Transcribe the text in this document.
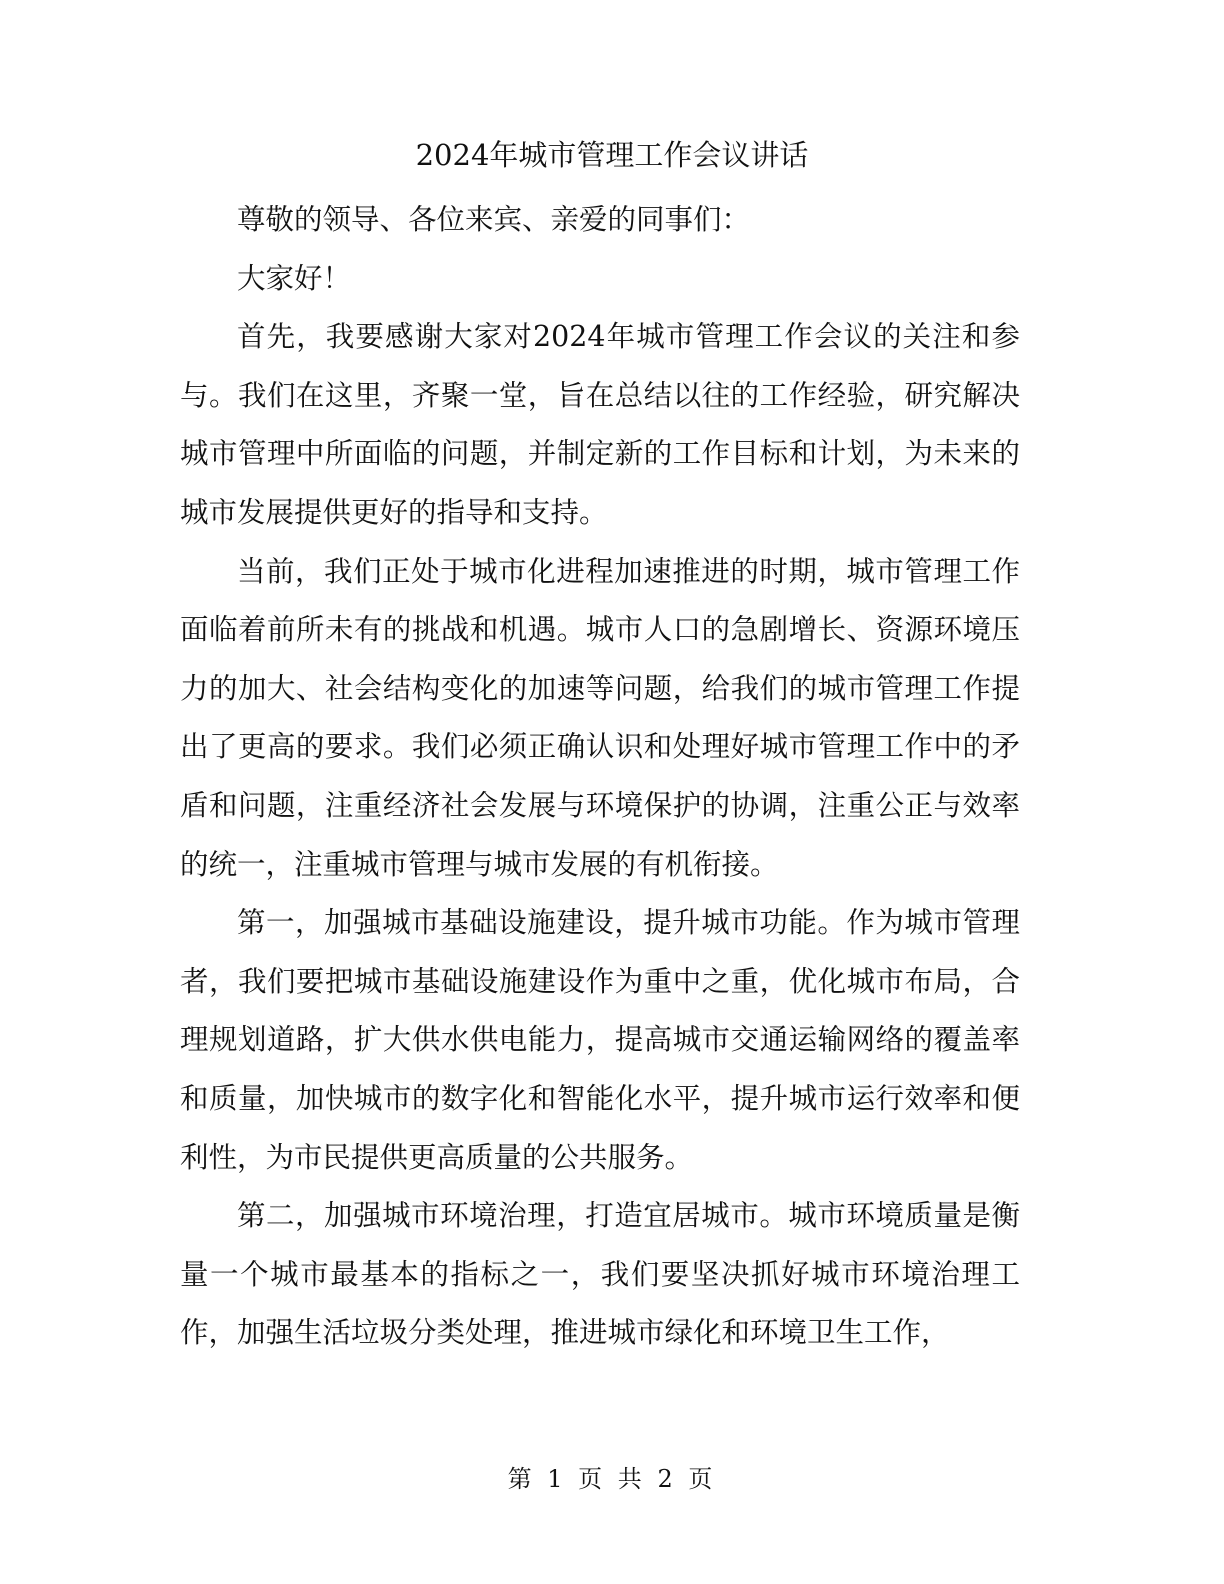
2024年城市管理工作会议讲话

尊敬的领导、各位来宾、亲爱的同事们：

大家好！

首先，我要感谢大家对2024年城市管理工作会议的关注和参与。我们在这里，齐聚一堂，旨在总结以往的工作经验，研究解决城市管理中所面临的问题，并制定新的工作目标和计划，为未来的城市发展提供更好的指导和支持。

当前，我们正处于城市化进程加速推进的时期，城市管理工作面临着前所未有的挑战和机遇。城市人口的急剧增长、资源环境压力的加大、社会结构变化的加速等问题，给我们的城市管理工作提出了更高的要求。我们必须正确认识和处理好城市管理工作中的矛盾和问题，注重经济社会发展与环境保护的协调，注重公正与效率的统一，注重城市管理与城市发展的有机衔接。

第一，加强城市基础设施建设，提升城市功能。作为城市管理者，我们要把城市基础设施建设作为重中之重，优化城市布局，合理规划道路，扩大供水供电能力，提高城市交通运输网络的覆盖率和质量，加快城市的数字化和智能化水平，提升城市运行效率和便利性，为市民提供更高质量的公共服务。

第二，加强城市环境治理，打造宜居城市。城市环境质量是衡量一个城市最基本的指标之一，我们要坚决抓好城市环境治理工作，加强生活垃圾分类处理，推进城市绿化和环境卫生工作，

第 1 页 共 2 页
